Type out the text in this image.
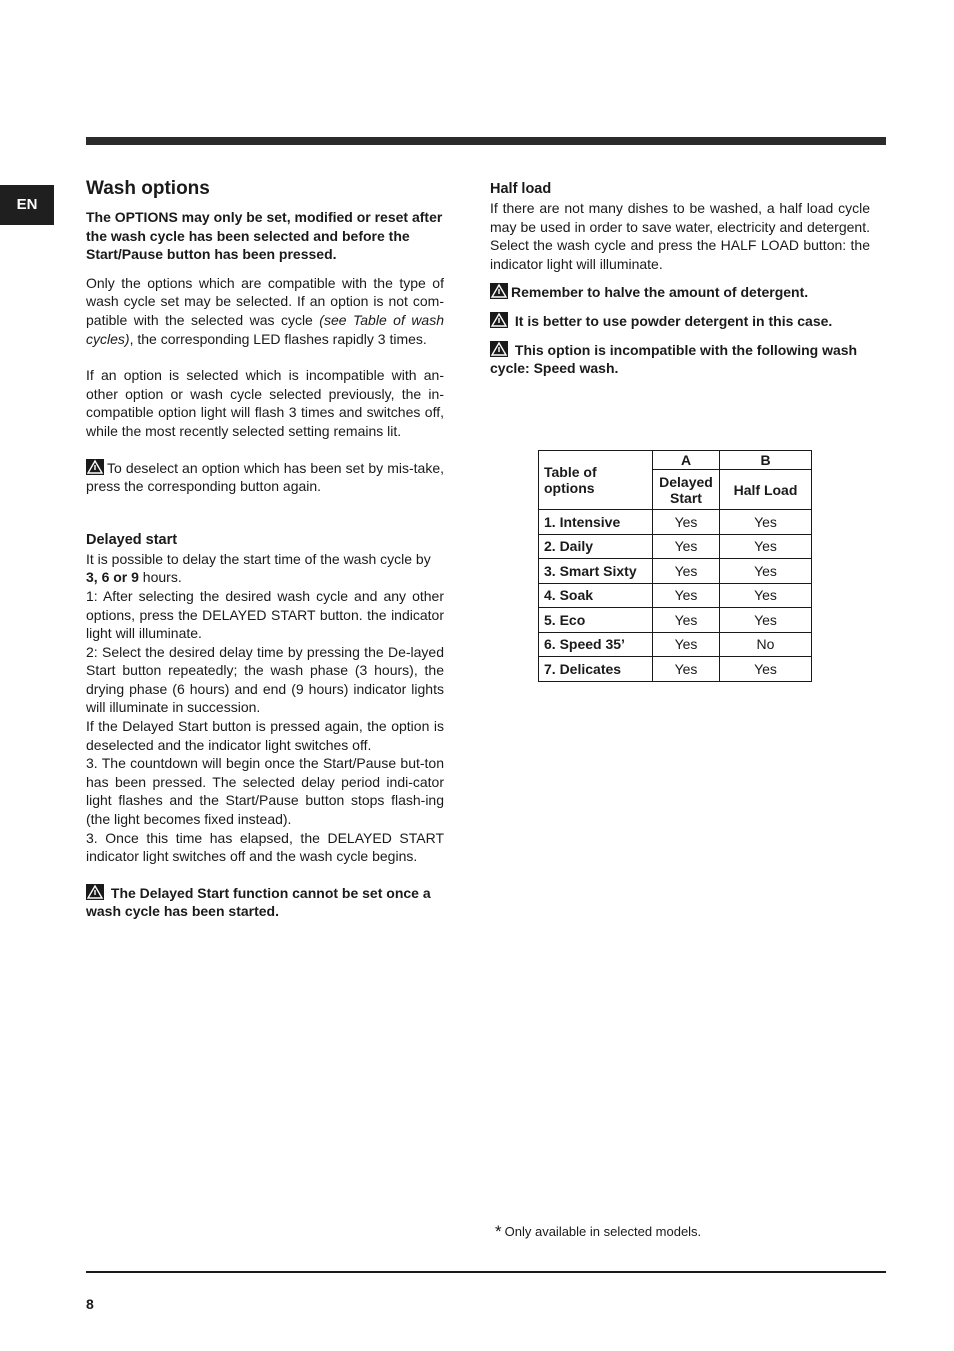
EN
Wash options

The OPTIONS may only be set, modified or reset after the wash cycle has been selected and before the Start/Pause button has been pressed.

Only the options which are compatible with the type of wash cycle set may be selected. If an option is not com-patible with the selected was cycle (see Table of wash cycles), the corresponding LED flashes rapidly 3 times.

If an option is selected which is incompatible with an-other option or wash cycle selected previously, the in-compatible option light will flash 3 times and switches off, while the most recently selected setting remains lit.

To deselect an option which has been set by mis-take, press the corresponding button again.

Delayed start

It is possible to delay the start time of the wash cycle by 3, 6 or 9 hours.

1: After selecting the desired wash cycle and any other options, press the DELAYED START button. the indicator light will illuminate.

2: Select the desired delay time by pressing the De-layed Start button repeatedly; the wash phase (3 hours), the drying phase (6 hours) and end (9 hours) indicator lights will illuminate in succession.

If the Delayed Start button is pressed again, the option is deselected and the indicator light switches off.

3. The countdown will begin once the Start/Pause but-ton has been pressed. The selected delay period indi-cator light flashes and the Start/Pause button stops flash-ing (the light becomes fixed instead).

3. Once this time has elapsed, the DELAYED START indicator light switches off and the wash cycle begins.

The Delayed Start function cannot be set once a wash cycle has been started.

Half load

If there are not many dishes to be washed, a half load cycle may be used in order to save water, electricity and detergent. Select the wash cycle and press the HALF LOAD button: the indicator light will illuminate.

Remember to halve the amount of detergent.

It is better to use powder detergent in this case.

This option is incompatible with the following wash cycle: Speed wash.

Table of options	A	B
	Delayed Start	Half Load
1. Intensive	Yes	Yes
2. Daily	Yes	Yes
3. Smart Sixty	Yes	Yes
4. Soak	Yes	Yes
5. Eco	Yes	Yes
6. Speed 35’	Yes	No
7. Delicates	Yes	Yes
* Only available in selected models.
8
